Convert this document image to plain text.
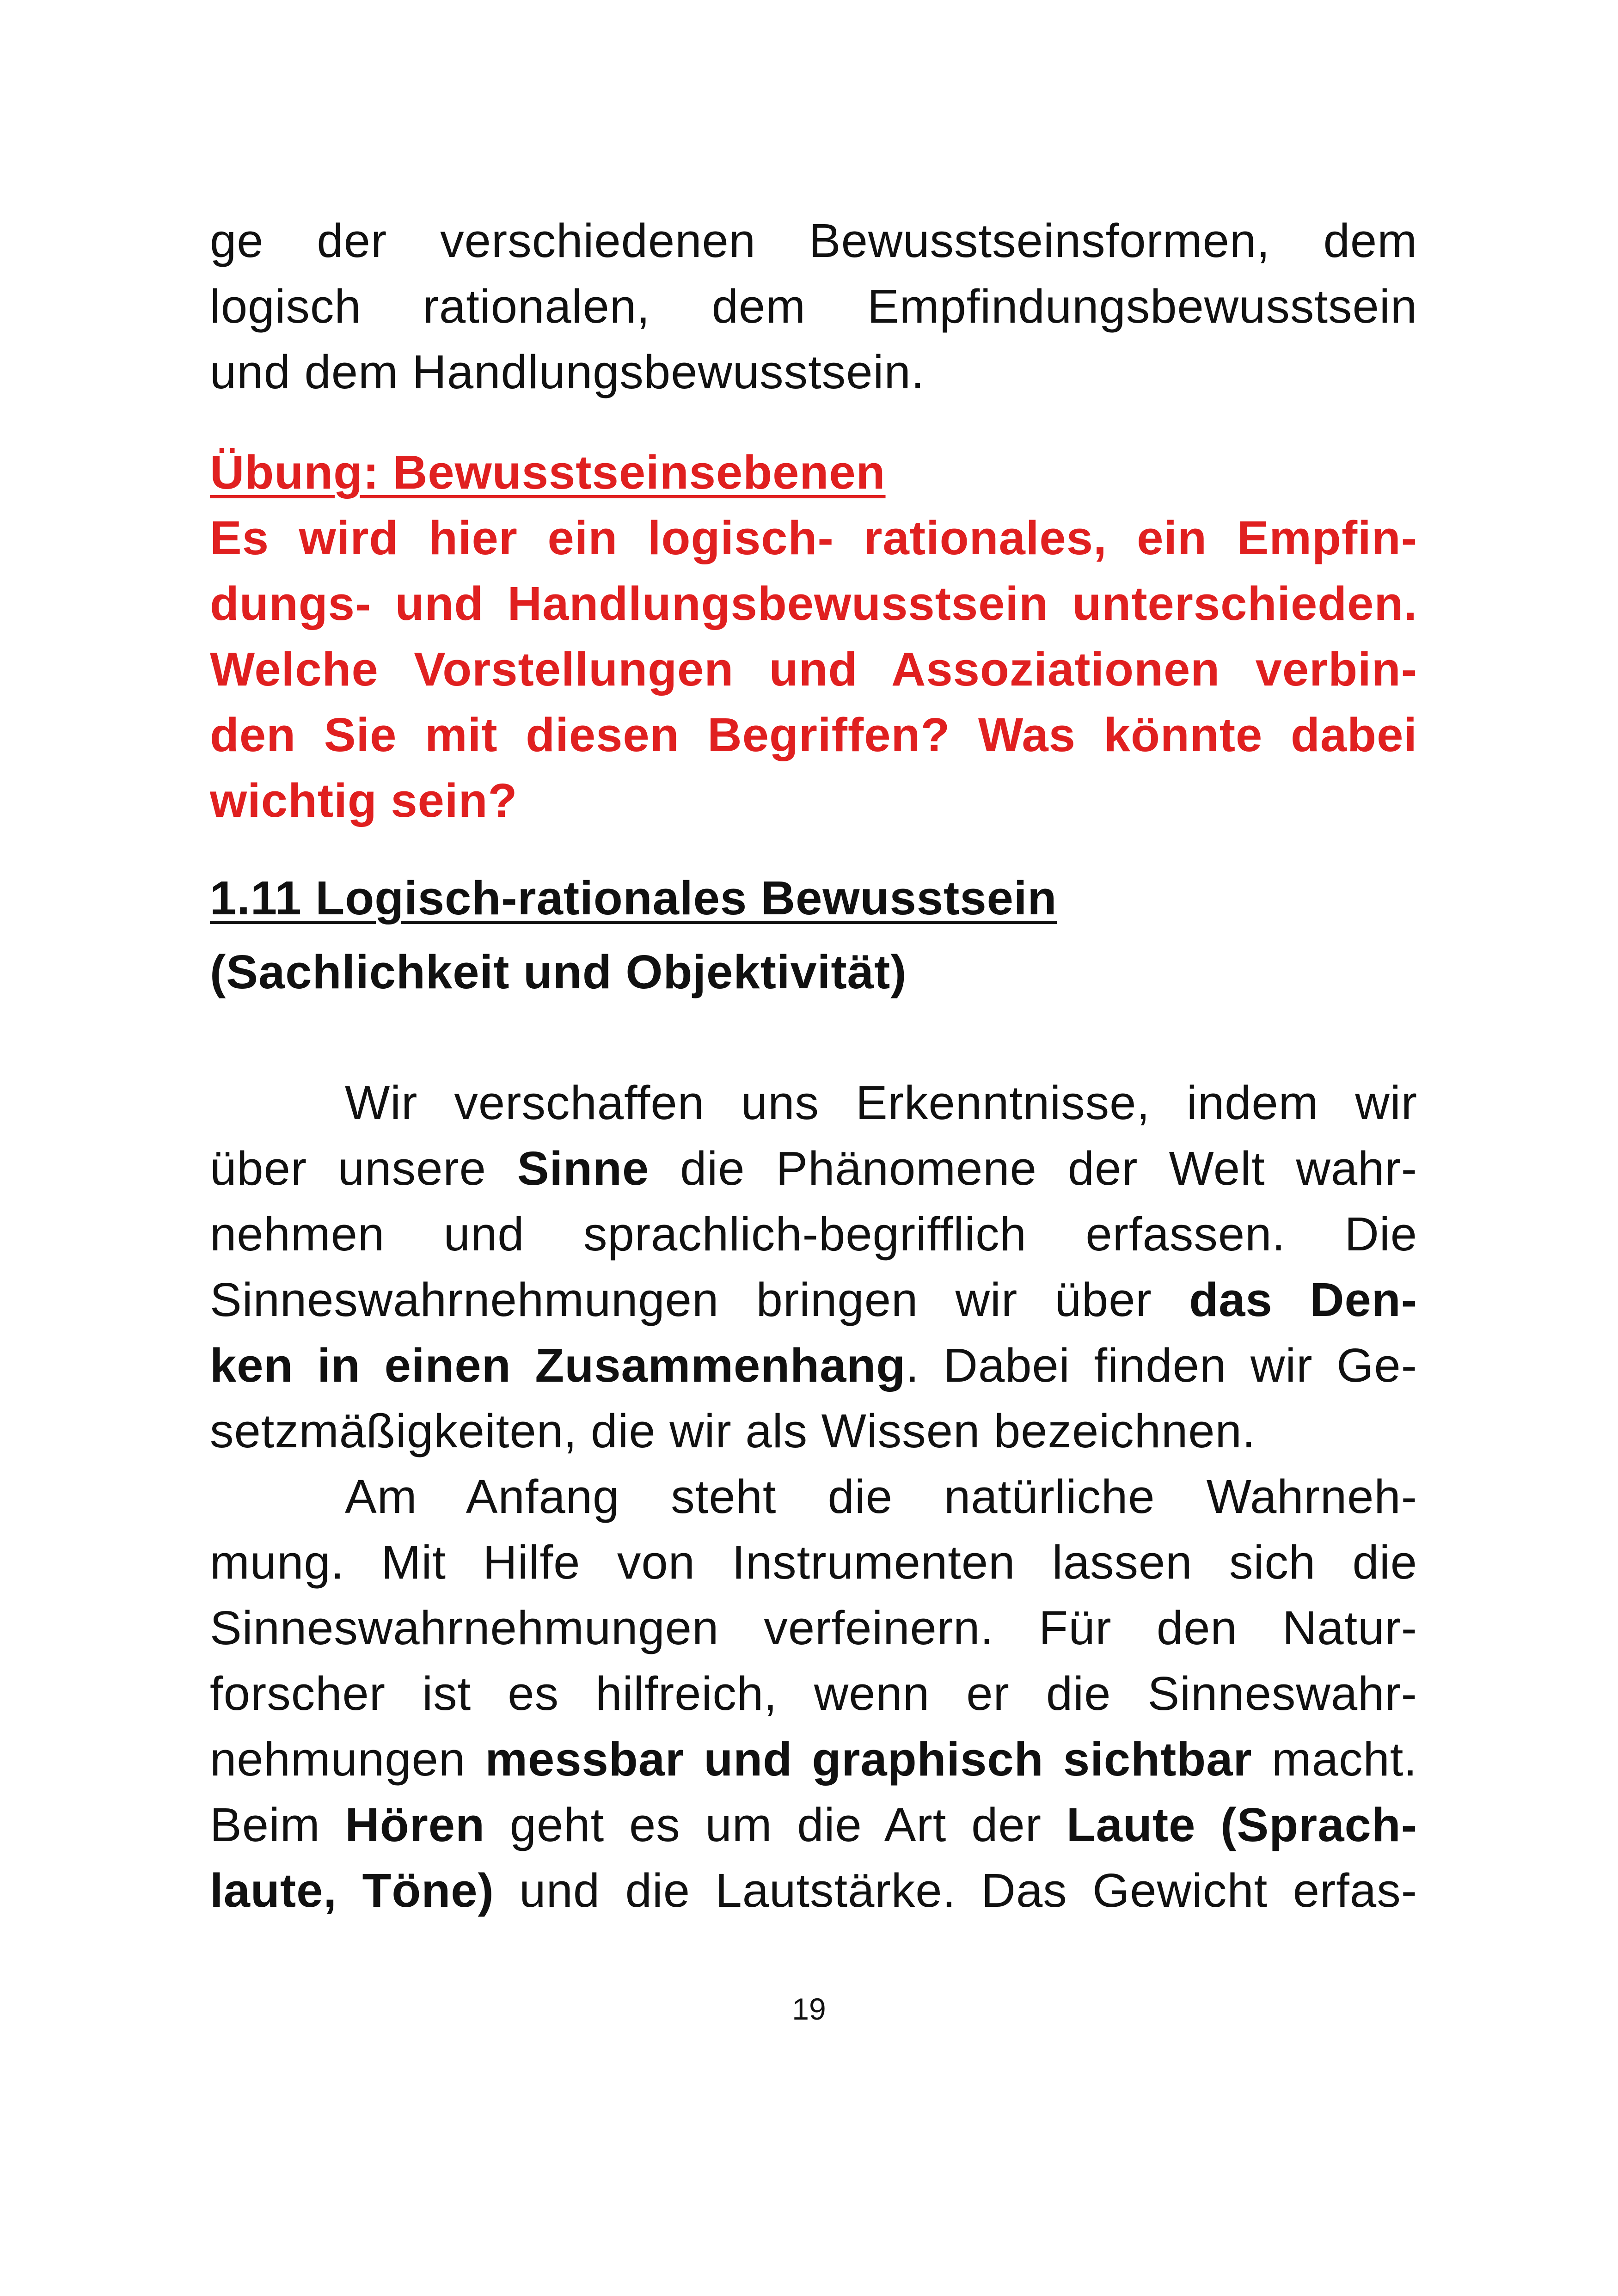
ge der verschiedenen Bewusstseinsformen, dem
logisch rationalen, dem Empfindungsbewusstsein
und dem Handlungsbewusstsein.
Übung: Bewusstseinsebenen
Es wird hier ein logisch- rationales, ein Empfin-
dungs- und Handlungsbewusstsein unterschieden.
Welche Vorstellungen und Assoziationen verbin-
den Sie mit diesen Begriffen? Was könnte dabei
wichtig sein?
1.11 Logisch-rationales Bewusstsein
(Sachlichkeit und Objektivität)
Wir verschaffen uns Erkenntnisse, indem wir
über unsere Sinne die Phänomene der Welt wahr-
nehmen und sprachlich-begrifflich erfassen. Die
Sinneswahrnehmungen bringen wir über das Den-
ken in einen Zusammenhang. Dabei finden wir Ge-
setzmäßigkeiten, die wir als Wissen bezeichnen.
Am Anfang steht die natürliche Wahrneh-
mung. Mit Hilfe von Instrumenten lassen sich die
Sinneswahrnehmungen verfeinern. Für den Natur-
forscher ist es hilfreich, wenn er die Sinneswahr-
nehmungen messbar und graphisch sichtbar macht.
Beim Hören geht es um die Art der Laute (Sprach-
laute, Töne) und die Lautstärke. Das Gewicht erfas-
19
